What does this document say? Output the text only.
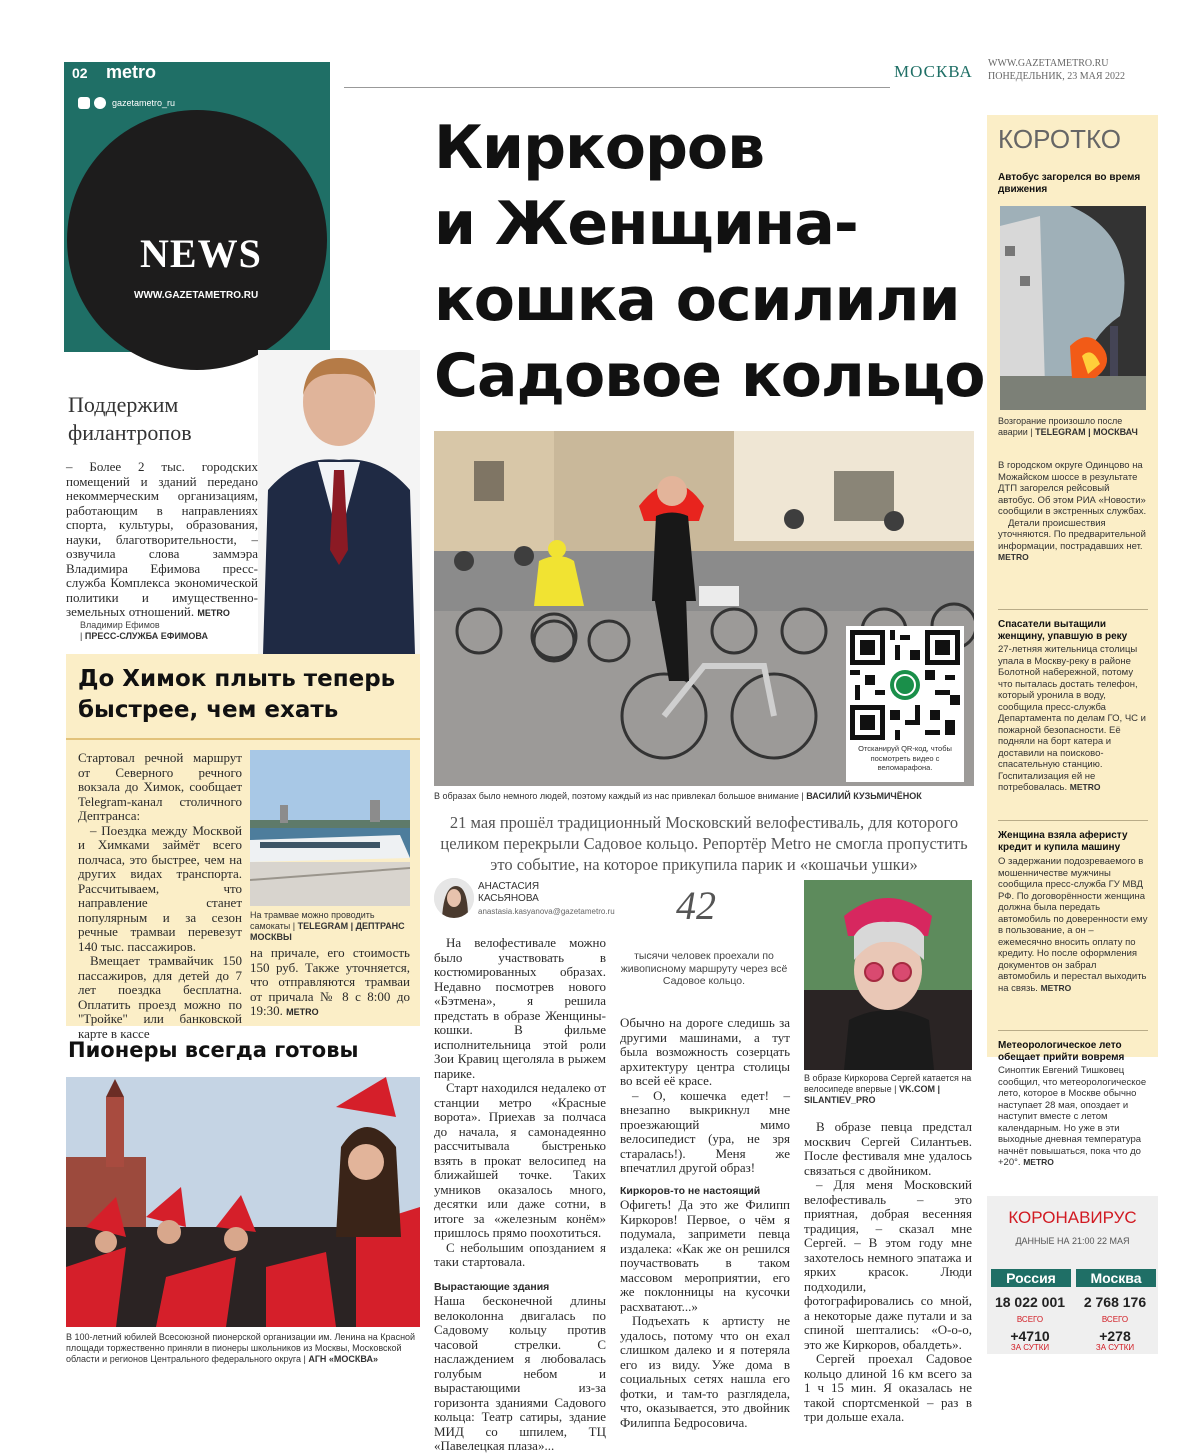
02 metro
gazetametro_ru
NEWS
WWW.GAZETAMETRO.RU
МОСКВА WWW.GAZETAMETRO.RU
ПОНЕДЕЛЬНИК, 23 МАЯ 2022
Поддержим
филантропов
– Более 2 тыс. городских помещений и зданий передано некоммерческим организациям, работающим в направлениях спорта, культуры, образования, науки, благотворительности, – озвучила слова заммэра Владимира Ефимова пресс-служба Комплекса экономической политики и имущественно-земельных отношений. METRO
Владимир Ефимов
| ПРЕСС-СЛУЖБА ЕФИМОВА
До Химок плыть теперь
быстрее, чем ехать

Стартовал речной маршрут от Северного речного вокзала до Химок, сообщает Telegram-канал столичного Дептранса:

– Поездка между Москвой и Химками займёт всего полчаса, это быстрее, чем на других видах транспорта. Рассчитываем, что направление станет популярным и за сезон речные трамваи перевезут 140 тыс. пассажиров.

Вмещает трамвайчик 150 пассажиров, для детей до 7 лет поездка бесплатна. Оплатить проезд можно по "Тройке" или банковской карте в кассе

На трамвае можно проводить самокаты | TELEGRAM | ДЕПТРАНС МОСКВЫ
на причале, его стоимость 150 руб. Также уточняется, что отправляются трамваи от причала № 8 с 8:00 до 19:30. METRO
Пионеры всегда готовы
В 100-летний юбилей Всесоюзной пионерской организации им. Ленина на Красной площади торжественно приняли в пионеры школьников из Москвы, Московской области и регионов Центрального федерального округа | АГН «МОСКВА»
Киркоров
и Женщина-
кошка осилили
Садовое кольцо
Отсканируй QR-код, чтобы посмотреть видео с веломарафона.
В образах было немного людей, поэтому каждый из нас привлекал большое внимание | ВАСИЛИЙ КУЗЬМИЧЁНОК
21 мая прошёл традиционный Московский велофестиваль, для которого целиком перекрыли Садовое кольцо. Репортёр Metro не смогла пропустить это событие, на которое прикупила парик и «кошачьи ушки»
АНАСТАСИЯ
КАСЬЯНОВА
anastasia.kasyanova@gazetametro.ru 42
тысячи человек проехали по живописному маршруту через всё Садовое кольцо.

На велофестивале можно было участвовать в костюмированных образах. Недавно посмотрев нового «Бэтмена», я решила предстать в образе Женщины-кошки. В фильме исполнительница этой роли Зои Кравиц щеголяла в рыжем парике.

Старт находился недалеко от станции метро «Красные ворота». Приехав за полчаса до начала, я самонадеянно рассчитывала быстренько взять в прокат велосипед на ближайшей точке. Таких умников оказалось много, десятки или даже сотни, в итоге за «железным конём» пришлось прямо поохотиться.

С небольшим опозданием я таки стартовала.

Вырастающие здания

Наша бесконечной длины велоколонна двигалась по Садовому кольцу против часовой стрелки. С наслаждением я любовалась голубым небом и вырастающими из-за горизонта зданиями Садового кольца: Театр сатиры, здание МИД со шпилем, ТЦ «Павелецкая плаза»...

Обычно на дороге следишь за другими машинами, а тут была возможность созерцать архитектуру центра столицы во всей её красе.

– О, кошечка едет! – внезапно выкрикнул мне проезжающий мимо велосипедист (ура, не зря старалась!). Меня же впечатлил другой образ!

Киркоров-то не настоящий

Офигеть! Да это же Филипп Киркоров! Первое, о чём я подумала, запримети певца издалека: «Как же он решился поучаствовать в таком массовом мероприятии, его же поклонницы на кусочки расхватают...»

Подъехать к артисту не удалось, потому что он ехал слишком далеко и я потеряла его из виду. Уже дома в социальных сетях нашла его фотки, и там-то разглядела, что, оказывается, это двойник Филиппа Бедросовича.

В образе Киркорова Сергей катается на велосипеде впервые | VK.COM | SILANTIEV_PRO

В образе певца предстал москвич Сергей Силантьев. После фестиваля мне удалось связаться с двойником.

– Для меня Московский велофестиваль – это приятная, добрая весенняя традиция, – сказал мне Сергей. – В этом году мне захотелось немного эпатажа и ярких красок. Люди подходили, фотографировались со мной, а некоторые даже путали и за спиной шептались: «О-о-о, это же Киркоров, обалдеть».

Сергей проехал Садовое кольцо длиной 16 км всего за 1 ч 15 мин. Я оказалась не такой спортсменкой – раз в три дольше ехала.

КОРОТКО
Автобус загорелся во время движения
Возгорание произошло после аварии | TELEGRAM | МОСКВАЧ

В городском округе Одинцово на Можайском шоссе в результате ДТП загорелся рейсовый автобус. Об этом РИА «Новости» сообщили в экстренных службах.

Детали происшествия уточняются. По предварительной информации, пострадавших нет. METRO

Спасатели вытащили женщину, упавшую в реку
27-летняя жительница столицы упала в Москву-реку в районе Болотной набережной, потому что пыталась достать телефон, который уронила в воду, сообщила пресс-служба Департамента по делам ГО, ЧС и пожарной безопасности. Её подняли на борт катера и доставили на поисково-спасательную станцию. Госпитализация ей не потребовалась. METRO
Женщина взяла аферисту кредит и купила машину
О задержании подозреваемого в мошенничестве мужчины сообщила пресс-служба ГУ МВД РФ. По договорённости женщина должна была передать автомобиль по доверенности ему в пользование, а он – ежемесячно вносить оплату по кредиту. Но после оформления документов он забрал автомобиль и перестал выходить на связь. METRO
Метеорологическое лето обещает прийти вовремя
Синоптик Евгений Тишковец сообщил, что метеорологическое лето, которое в Москве обычно наступает 28 мая, опоздает и наступит вместе с летом календарным. Но уже в эти выходные дневная температура начнёт повышаться, пока что до +20°. METRO
КОРОНАВИРУС
ДАННЫЕ НА 21:00 22 МАЯ
Россия	Москва
18 022 001	2 768 176
ВСЕГО	ВСЕГО
+4710	+278
ЗА СУТКИ	ЗА СУТКИ
